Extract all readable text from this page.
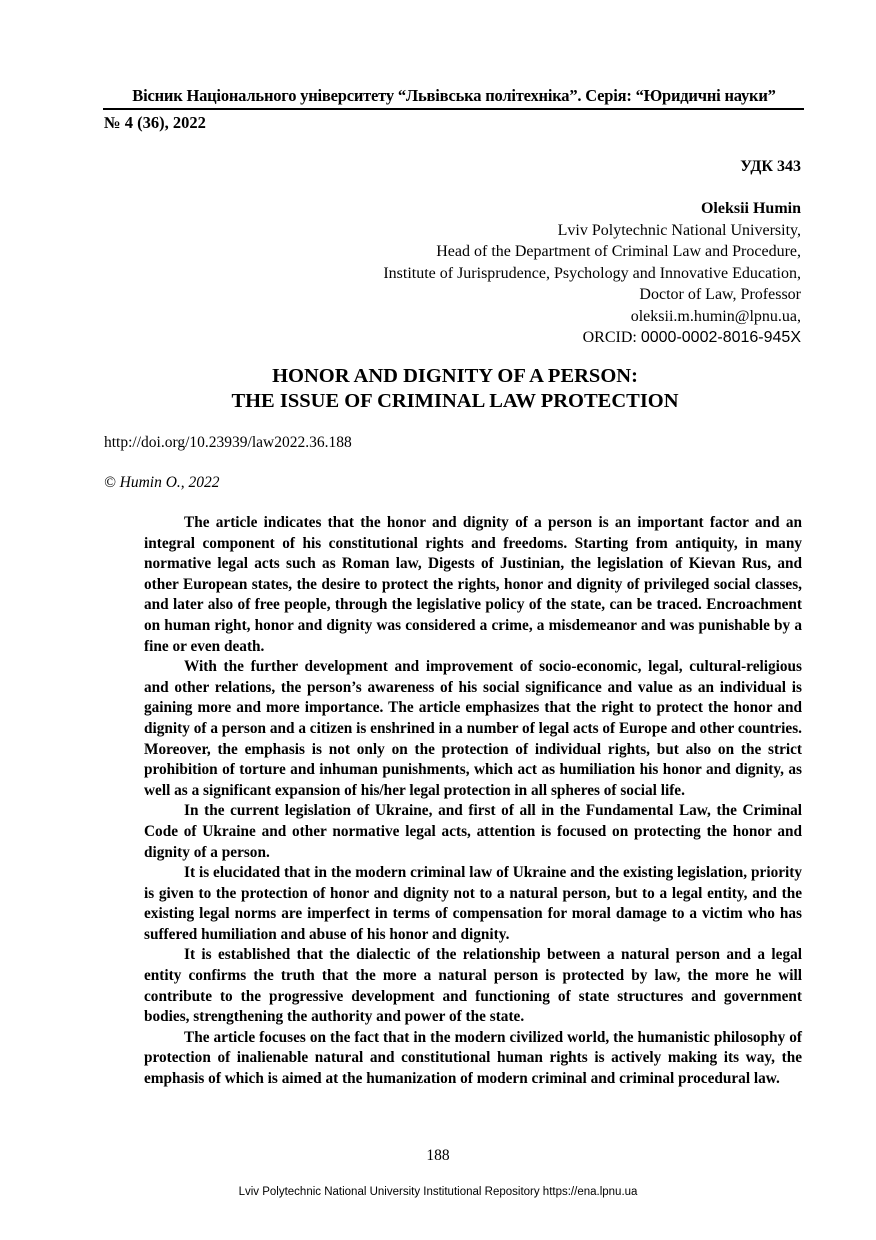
Вісник Національного університету “Львівська політехніка”. Серія: “Юридичні науки”
№ 4 (36), 2022
УДК 343
Oleksii Humin
Lviv Polytechnic National University,
Head of the Department of Criminal Law and Procedure,
Institute of Jurisprudence, Psychology and Innovative Education,
Doctor of Law, Professor
oleksii.m.humin@lpnu.ua,
ORCID: 0000-0002-8016-945X
HONOR AND DIGNITY OF A PERSON:
THE ISSUE OF CRIMINAL LAW PROTECTION
http://doi.org/10.23939/law2022.36.188
© Humin O., 2022

The article indicates that the honor and dignity of a person is an important factor and an integral component of his constitutional rights and freedoms. Starting from antiquity, in many normative legal acts such as Roman law, Digests of Justinian, the legislation of Kievan Rus, and other European states, the desire to protect the rights, honor and dignity of privileged social classes, and later also of free people, through the legislative policy of the state, can be traced. Encroachment on human right, honor and dignity was considered a crime, a misdemeanor and was punishable by a fine or even death.

With the further development and improvement of socio-economic, legal, cultural-religious and other relations, the person’s awareness of his social significance and value as an individual is gaining more and more importance. The article emphasizes that the right to protect the honor and dignity of a person and a citizen is enshrined in a number of legal acts of Europe and other countries. Moreover, the emphasis is not only on the protection of individual rights, but also on the strict prohibition of torture and inhuman punishments, which act as humiliation his honor and dignity, as well as a significant expansion of his/her legal protection in all spheres of social life.

In the current legislation of Ukraine, and first of all in the Fundamental Law, the Criminal Code of Ukraine and other normative legal acts, attention is focused on protecting the honor and dignity of a person.

It is elucidated that in the modern criminal law of Ukraine and the existing legislation, priority is given to the protection of honor and dignity not to a natural person, but to a legal entity, and the existing legal norms are imperfect in terms of compensation for moral damage to a victim who has suffered humiliation and abuse of his honor and dignity.

It is established that the dialectic of the relationship between a natural person and a legal entity confirms the truth that the more a natural person is protected by law, the more he will contribute to the progressive development and functioning of state structures and government bodies, strengthening the authority and power of the state.

The article focuses on the fact that in the modern civilized world, the humanistic philosophy of protection of inalienable natural and constitutional human rights is actively making its way, the emphasis of which is aimed at the humanization of modern criminal and criminal procedural law.

188
Lviv Polytechnic National University Institutional Repository https://ena.lpnu.ua
